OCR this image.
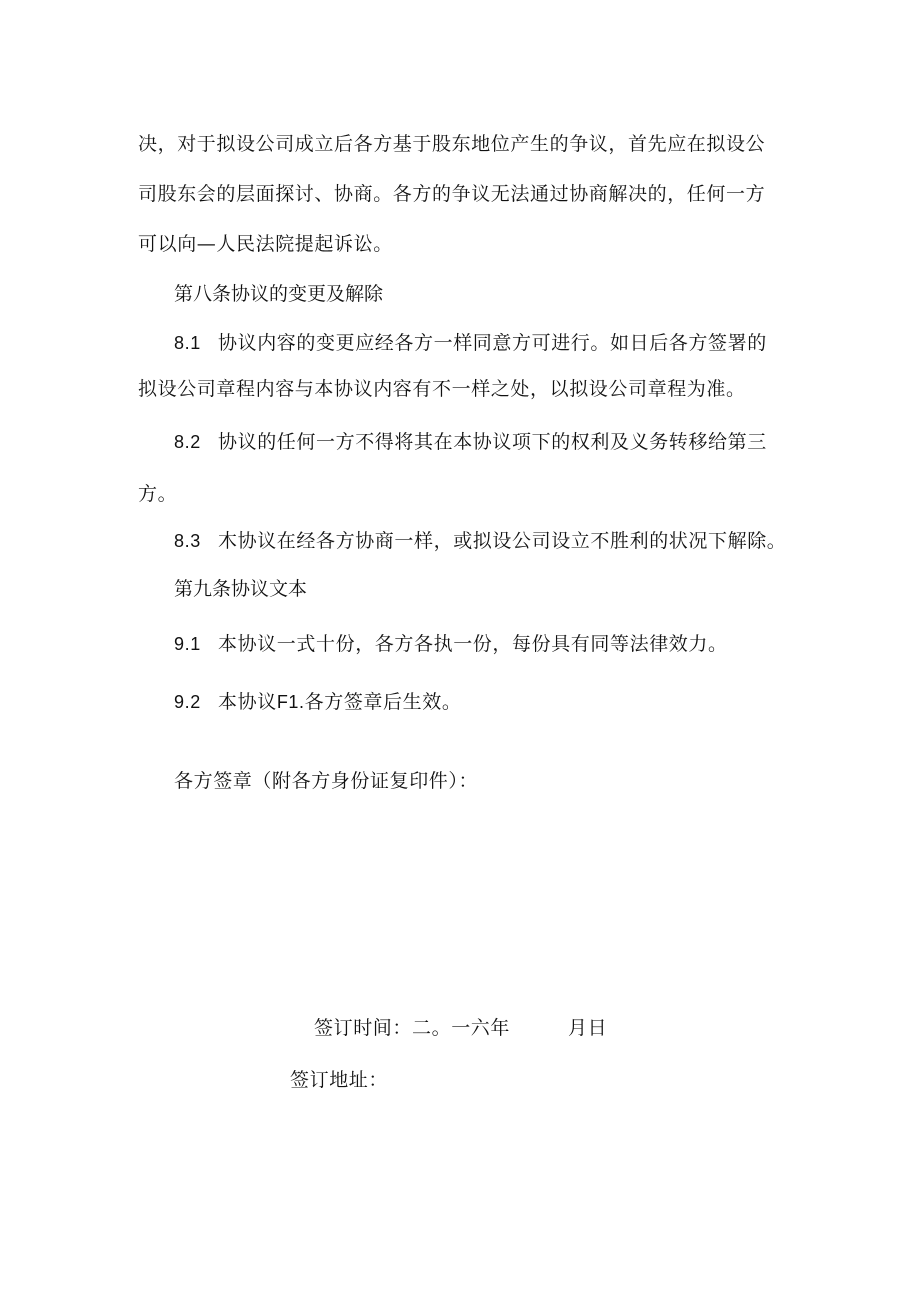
决，对于拟设公司成立后各方基于股东地位产生的争议，首先应在拟设公
司股东会的层面探讨、协商。各方的争议无法通过协商解决的，任何一方
可以向—人民法院提起诉讼。
第八条协议的变更及解除
8.1 协议内容的变更应经各方一样同意方可进行。如日后各方签署的
拟设公司章程内容与本协议内容有不一样之处，以拟设公司章程为准。
8.2 协议的任何一方不得将其在本协议项下的权利及义务转移给第三
方。
8.3 木协议在经各方协商一样，或拟设公司设立不胜利的状况下解除。
第九条协议文本
9.1 本协议一式十份，各方各执一份，每份具有同等法律效力。
9.2 本协议F1.各方签章后生效。
各方签章（附各方身份证复印件）：
签订时间：二。一六年	月日
签订地址：
